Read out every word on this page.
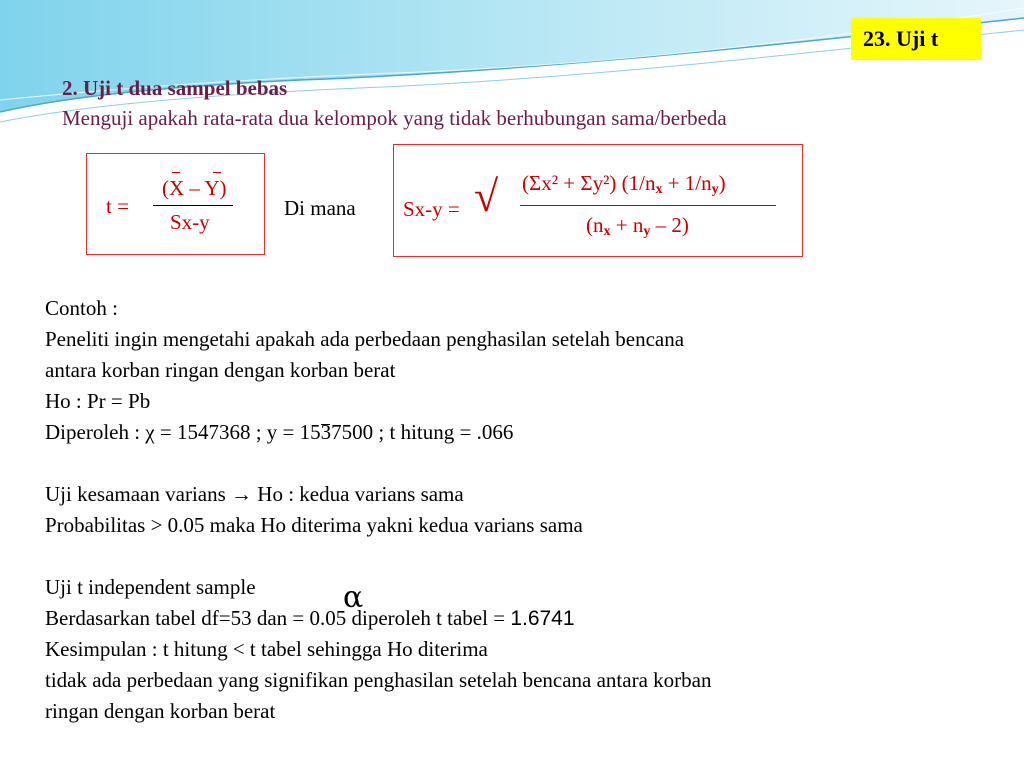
23. Uji t
2. Uji t dua sampel bebas
Menguji apakah rata-rata dua kelompok yang tidak berhubungan sama/berbeda
t =
(X – Y)
Sx-y
Di mana Sx-y = √ (Σx² + Σy²) $(1/n_x + 1/n_y)$
$(n_x + n_y - 2)$
Contoh :
Peneliti ingin mengetahi apakah ada perbedaan penghasilan setelah bencana
antara korban ringan dengan korban berat
Ho : Pr = Pb
Diperoleh : χ = 1547368 ; y = 1537500 ; t hitung = .066
Uji kesamaan varians → Ho : kedua varians sama
Probabilitas > 0.05 maka Ho diterima yakni kedua varians sama
Uji t independent sample
Berdasarkan tabel df=53 dan = 0.05 diperoleh t tabel = 1.6741
Kesimpulan : t hitung < t tabel sehingga Ho diterima
tidak ada perbedaan yang signifikan penghasilan setelah bencana antara korban
ringan dengan korban berat
α
